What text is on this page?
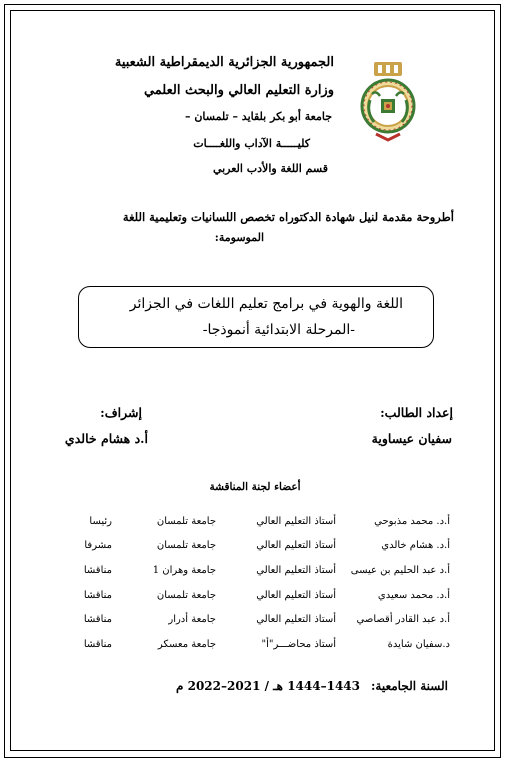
الجمهورية الجزائرية الديمقراطية الشعبية
وزارة التعليم العالي والبحث العلمي
جامعة أبو بكر بلقايد – تلمسان –
كليـــــة الآداب واللغــــات
قسم اللغة والأدب العربي
أطروحة مقدمة لنيل شهادة الدكتوراه تخصص اللسانيات وتعليمية اللغة
الموسومة:
اللغة والهوية في برامج تعليم اللغات في الجزائر
-المرحلة الابتدائية أنموذجا-
إعداد الطالب:
سفيان عيساوية
إشراف:
أ.د هشام خالدي
أعضاء لجنة المناقشة
أ.د. محمد مذبوحي
أستاذ التعليم العالي
جامعة تلمسان
رئيسا
أ.د. هشام خالدي
أستاذ التعليم العالي
جامعة تلمسان
مشرفا
أ.د عبد الحليم بن عيسى
أستاذ التعليم العالي
جامعة وهران 1
مناقشا
أ.د. محمد سعيدي
أستاذ التعليم العالي
جامعة تلمسان
مناقشا
أ.د عبد القادر أقصاصي
أستاذ التعليم العالي
جامعة أدرار
مناقشا
د.سفيان شايدة
أستاذ محاضـــر"أ"
جامعة معسكر
مناقشا
السنة الجامعية:
1443–1444 هـ / 2021–2022 م
